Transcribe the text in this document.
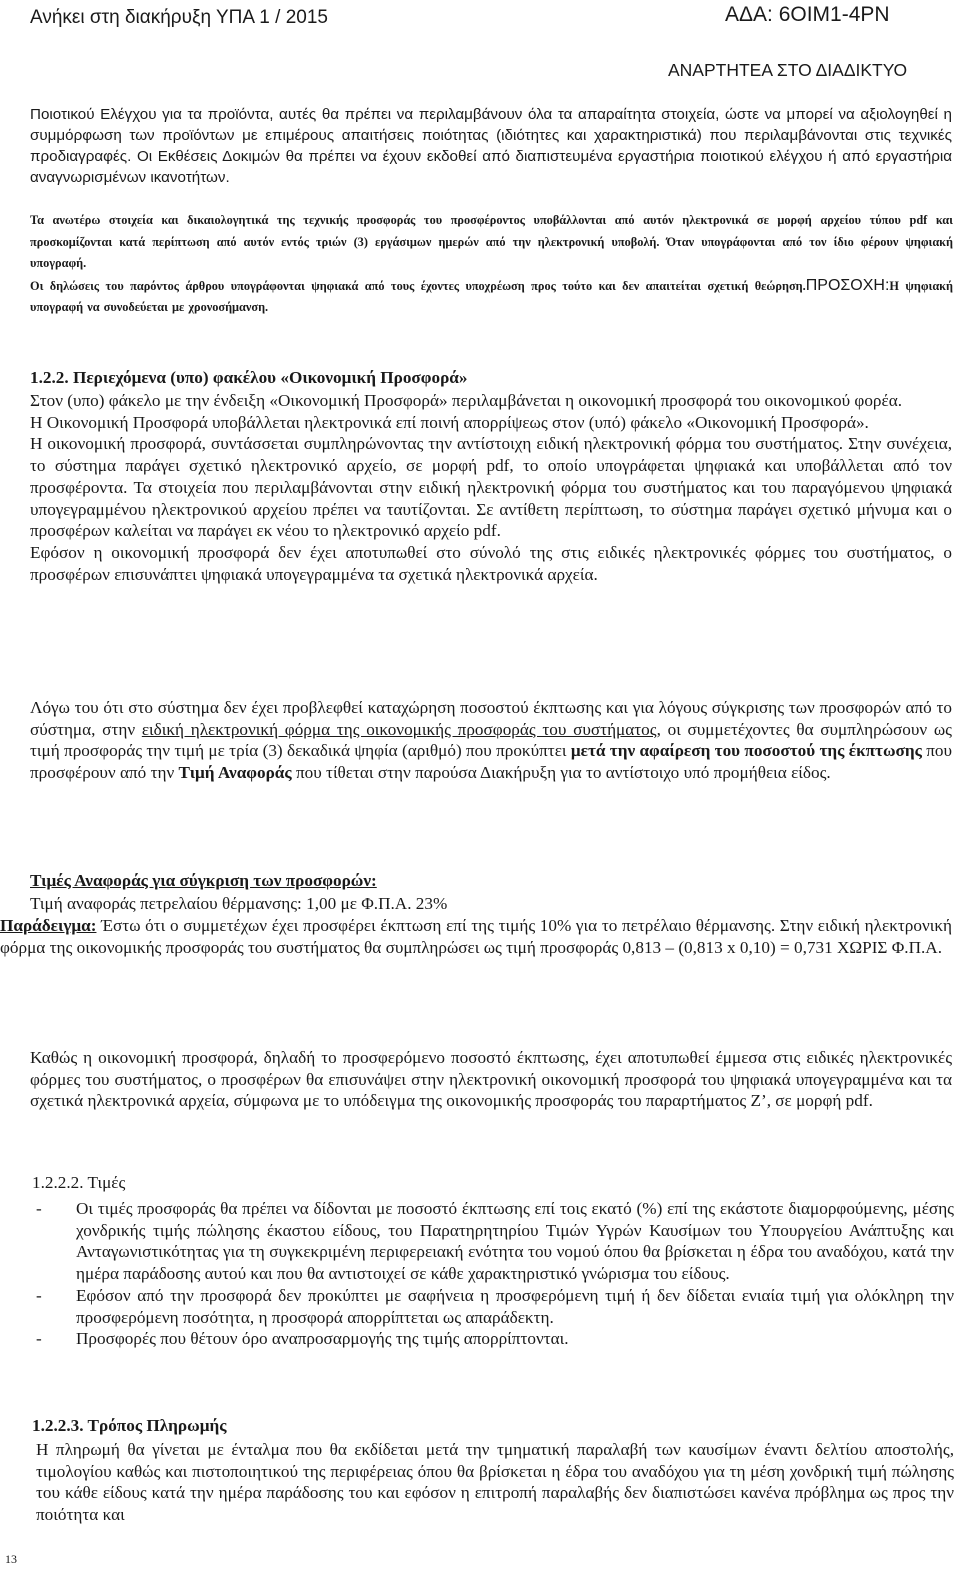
Ανήκει στη διακήρυξη ΥΠΑ 1 / 2015	ΑΔΑ: 6ΟΙΜ1-4ΡΝ
ΑΝΑΡΤΗΤΕΑ ΣΤΟ ΔΙΑΔΙΚΤΥΟ
Ποιοτικού Ελέγχου για τα προϊόντα, αυτές θα πρέπει να περιλαμβάνουν όλα τα απαραίτητα στοιχεία, ώστε να μπορεί να αξιολογηθεί η συμμόρφωση των προϊόντων με επιμέρους απαιτήσεις ποιότητας (ιδιότητες και χαρακτηριστικά) που περιλαμβάνονται στις τεχνικές προδιαγραφές. Οι Εκθέσεις Δοκιμών θα πρέπει να έχουν εκδοθεί από διαπιστευμένα εργαστήρια ποιοτικού ελέγχου ή από εργαστήρια αναγνωρισμένων ικανοτήτων.
Τα ανωτέρω στοιχεία και δικαιολογητικά της τεχνικής προσφοράς του προσφέροντος υποβάλλονται από αυτόν ηλεκτρονικά σε μορφή αρχείου τύπου pdf και προσκομίζονται κατά περίπτωση από αυτόν εντός τριών (3) εργάσιμων ημερών από την ηλεκτρονική υποβολή. Όταν υπογράφονται από τον ίδιο φέρουν ψηφιακή υπογραφή.
Οι δηλώσεις του παρόντος άρθρου υπογράφονται ψηφιακά από τους έχοντες υποχρέωση προς τούτο και δεν απαιτείται σχετική θεώρηση.ΠΡΟΣΟΧΗ:Η ψηφιακή υπογραφή να συνοδεύεται με χρονοσήμανση.
1.2.2. Περιεχόμενα (υπο) φακέλου «Οικονομική Προσφορά»

Στον (υπο) φάκελο με την ένδειξη «Οικονομική Προσφορά» περιλαμβάνεται η οικονομική προσφορά του οικονομικού φορέα.

Η Οικονομική Προσφορά υποβάλλεται ηλεκτρονικά επί ποινή απορρίψεως στον (υπό) φάκελο «Οικονομική Προσφορά».

Η οικονομική προσφορά, συντάσσεται συμπληρώνοντας την αντίστοιχη ειδική ηλεκτρονική φόρμα του συστήματος. Στην συνέχεια, το σύστημα παράγει σχετικό ηλεκτρονικό αρχείο, σε μορφή pdf, το οποίο υπογράφεται ψηφιακά και υποβάλλεται από τον προσφέροντα. Τα στοιχεία που περιλαμβάνονται στην ειδική ηλεκτρονική φόρμα του συστήματος και του παραγόμενου ψηφιακά υπογεγραμμένου ηλεκτρονικού αρχείου πρέπει να ταυτίζονται. Σε αντίθετη περίπτωση, το σύστημα παράγει σχετικό μήνυμα και ο προσφέρων καλείται να παράγει εκ νέου το ηλεκτρονικό αρχείο pdf.

Εφόσον η οικονομική προσφορά δεν έχει αποτυπωθεί στο σύνολό της στις ειδικές ηλεκτρονικές φόρμες του συστήματος, ο προσφέρων επισυνάπτει ψηφιακά υπογεγραμμένα τα σχετικά ηλεκτρονικά αρχεία.

Λόγω του ότι στο σύστημα δεν έχει προβλεφθεί καταχώρηση ποσοστού έκπτωσης και για λόγους σύγκρισης των προσφορών από το σύστημα, στην ειδική ηλεκτρονική φόρμα της οικονομικής προσφοράς του συστήματος, οι συμμετέχοντες θα συμπληρώσουν ως τιμή προσφοράς την τιμή με τρία (3) δεκαδικά ψηφία (αριθμό) που προκύπτει μετά την αφαίρεση του ποσοστού της έκπτωσης που προσφέρουν από την Τιμή Αναφοράς που τίθεται στην παρούσα Διακήρυξη για το αντίστοιχο υπό προμήθεια είδος.
Τιμές Αναφοράς για σύγκριση των προσφορών:
Τιμή αναφοράς πετρελαίου θέρμανσης: 1,00 με Φ.Π.Α. 23%
Παράδειγμα: Έστω ότι ο συμμετέχων έχει προσφέρει έκπτωση επί της τιμής 10% για το πετρέλαιο θέρμανσης. Στην ειδική ηλεκτρονική φόρμα της οικονομικής προσφοράς του συστήματος θα συμπληρώσει ως τιμή προσφοράς 0,813 – (0,813 x 0,10) = 0,731 ΧΩΡΙΣ Φ.Π.Α.
Καθώς η οικονομική προσφορά, δηλαδή το προσφερόμενο ποσοστό έκπτωσης, έχει αποτυπωθεί έμμεσα στις ειδικές ηλεκτρονικές φόρμες του συστήματος, ο προσφέρων θα επισυνάψει στην ηλεκτρονική οικονομική προσφορά του ψηφιακά υπογεγραμμένα και τα σχετικά ηλεκτρονικά αρχεία, σύμφωνα με το υπόδειγμα της οικονομικής προσφοράς του παραρτήματος Ζ’, σε μορφή pdf.
1.2.2.2. Τιμές
- Οι τιμές προσφοράς θα πρέπει να δίδονται με ποσοστό έκπτωσης επί τοις εκατό (%) επί της εκάστοτε διαμορφούμενης, μέσης χονδρικής τιμής πώλησης έκαστου είδους, του Παρατηρητηρίου Τιμών Υγρών Καυσίμων του Υπουργείου Ανάπτυξης και Ανταγωνιστικότητας για τη συγκεκριμένη περιφερειακή ενότητα του νομού όπου θα βρίσκεται η έδρα του αναδόχου, κατά την ημέρα παράδοσης αυτού και που θα αντιστοιχεί σε κάθε χαρακτηριστικό γνώρισμα του είδους.
- Εφόσον από την προσφορά δεν προκύπτει με σαφήνεια η προσφερόμενη τιμή ή δεν δίδεται ενιαία τιμή για ολόκληρη την προσφερόμενη ποσότητα, η προσφορά απορρίπτεται ως απαράδεκτη.
- Προσφορές που θέτουν όρο αναπροσαρμογής της τιμής απορρίπτονται.
1.2.2.3. Τρόπος Πληρωμής
Η πληρωμή θα γίνεται με ένταλμα που θα εκδίδεται μετά την τμηματική παραλαβή των καυσίμων έναντι δελτίου αποστολής, τιμολογίου καθώς και πιστοποιητικού της περιφέρειας όπου θα βρίσκεται η έδρα του αναδόχου για τη μέση χονδρική τιμή πώλησης του κάθε είδους κατά την ημέρα παράδοσης του και εφόσον η επιτροπή παραλαβής δεν διαπιστώσει κανένα πρόβλημα ως προς την ποιότητα και
13
